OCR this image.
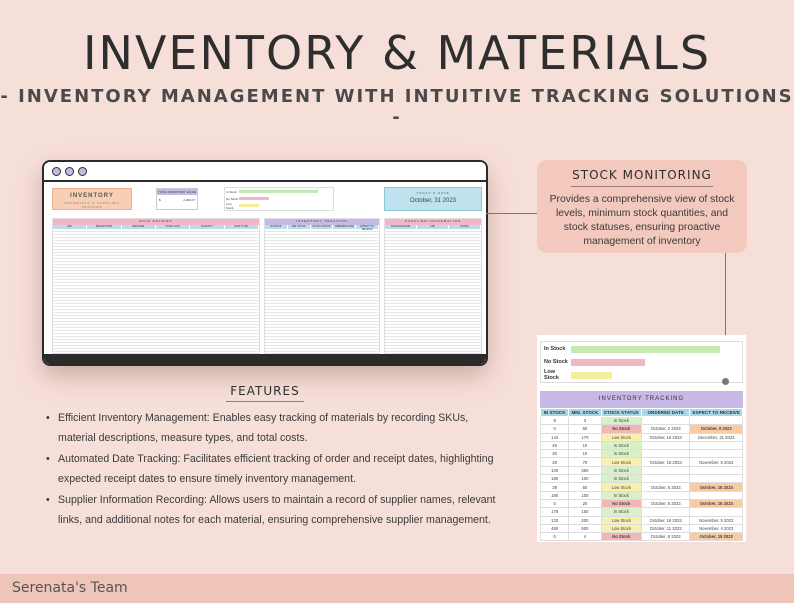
INVENTORY & MATERIALS
- INVENTORY MANAGEMENT WITH INTUITIVE TRACKING SOLUTIONS -
INVENTORY
MATERIALS & SUPPLIES TRACKER
TOTAL INVENTORY VALUE
$	2,200.07
In Stock
No Stock
Low Stock
TODAY'S DATE
October, 31 2023
MAIN ENTRIES
SKU	DESCRIPTION	MEASURE	TOTAL COST	QUANTITY	COST TOTAL
INVENTORY TRACKING
IN STOCK	MIN. STOCK	STOCK STATUS	ORDERED DATE	EXPECT TO RECEIVE
SUPPLIER INFORMATION
SUPPLIER NAME	LINK	NOTES
STOCK MONITORING
Provides a comprehensive view of stock levels, minimum stock quantities, and stock statuses, ensuring proactive management of inventory
In Stock
No Stock
Low Stock
INVENTORY TRACKING
IN STOCK	MIN. STOCK	STOCK STATUS	ORDERED DATE	EXPECT TO RECEIVE
8	3	In Stock		
0	50	No Stock	October, 2 2023	October, 9 2023
144	170	Low Stock	October, 16 2023	December, 21 2023
45	10	In Stock		
30	10	In Stock		
30	70	Low Stock	October, 15 2023	November, 9 2023
100	350	In Stock		
160	100	In Stock		
39	50	Low Stock	October, 6 2023	October, 16 2023
180	100	In Stock		
0	20	No Stock	October, 5 2023	October, 16 2023
178	150	In Stock		
133	200	Low Stock	October, 16 2023	November, 5 2023
480	500	Low Stock	October, 11 2023	November, 4 2023
0	4	No Stock	October, 6 2023	October, 15 2023
FEATURES
• Efficient Inventory Management: Enables easy tracking of materials by recording SKUs, material descriptions, measure types, and total costs.
• Automated Date Tracking: Facilitates efficient tracking of order and receipt dates, highlighting expected receipt dates to ensure timely inventory management.
• Supplier Information Recording: Allows users to maintain a record of supplier names, relevant links, and additional notes for each material, ensuring comprehensive supplier management.
Serenata's Team
